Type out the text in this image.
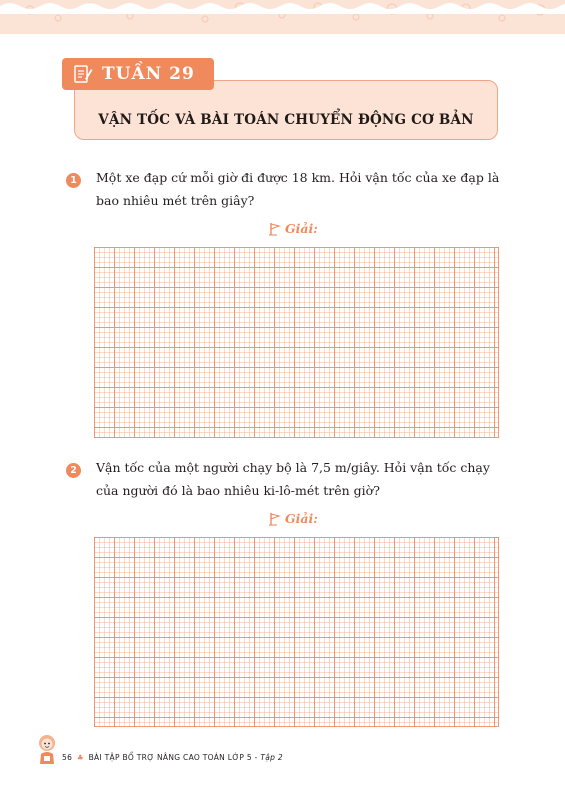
VẬN TỐC VÀ BÀI TOÁN CHUYỂN ĐỘNG CƠ BẢN
TUẦN 29
1	Một xe đạp cứ mỗi giờ đi được 18 km. Hỏi vận tốc của xe đạp là
bao nhiêu mét trên giây?
Giải:
2	Vận tốc của một người chạy bộ là 7,5 m/giây. Hỏi vận tốc chạy
của người đó là bao nhiêu ki-lô-mét trên giờ?
Giải:
56 ♣ BÀI TẬP BỔ TRỢ NÂNG CAO TOÁN LỚP 5 - Tập 2
